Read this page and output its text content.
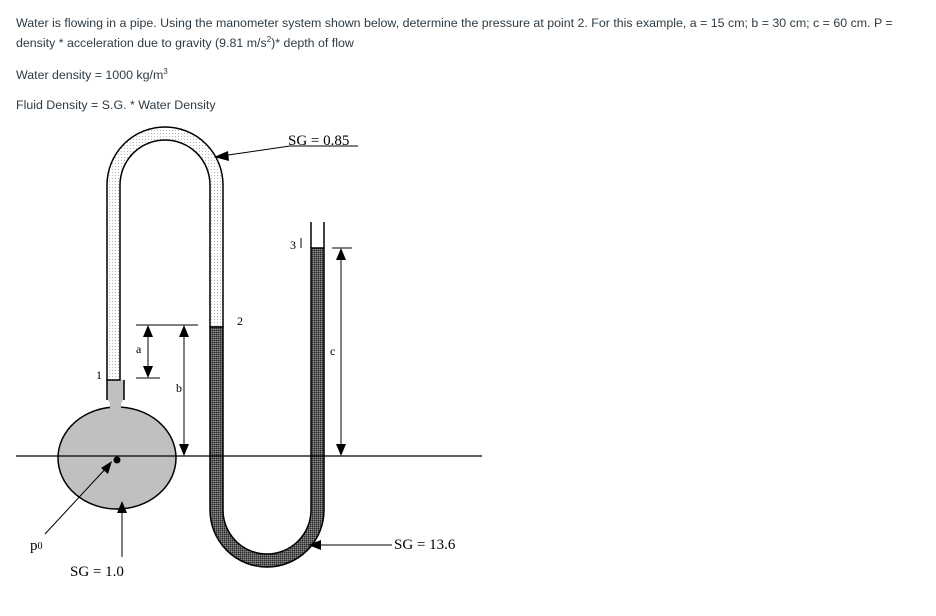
Water is flowing in a pipe. Using the manometer system shown below, determine the pressure at point 2. For this example, a = 15 cm; b = 30 cm; c = 60 cm. P = density * acceleration due to gravity (9.81 $m/s^2)*$ depth of flow
Water density = 1000 $kg/m^3$
Fluid Density = S.G. * Water Density
SG = 0.85
SG = 13.6
SG = 1.0
p0
1
2
3
a
b
c
